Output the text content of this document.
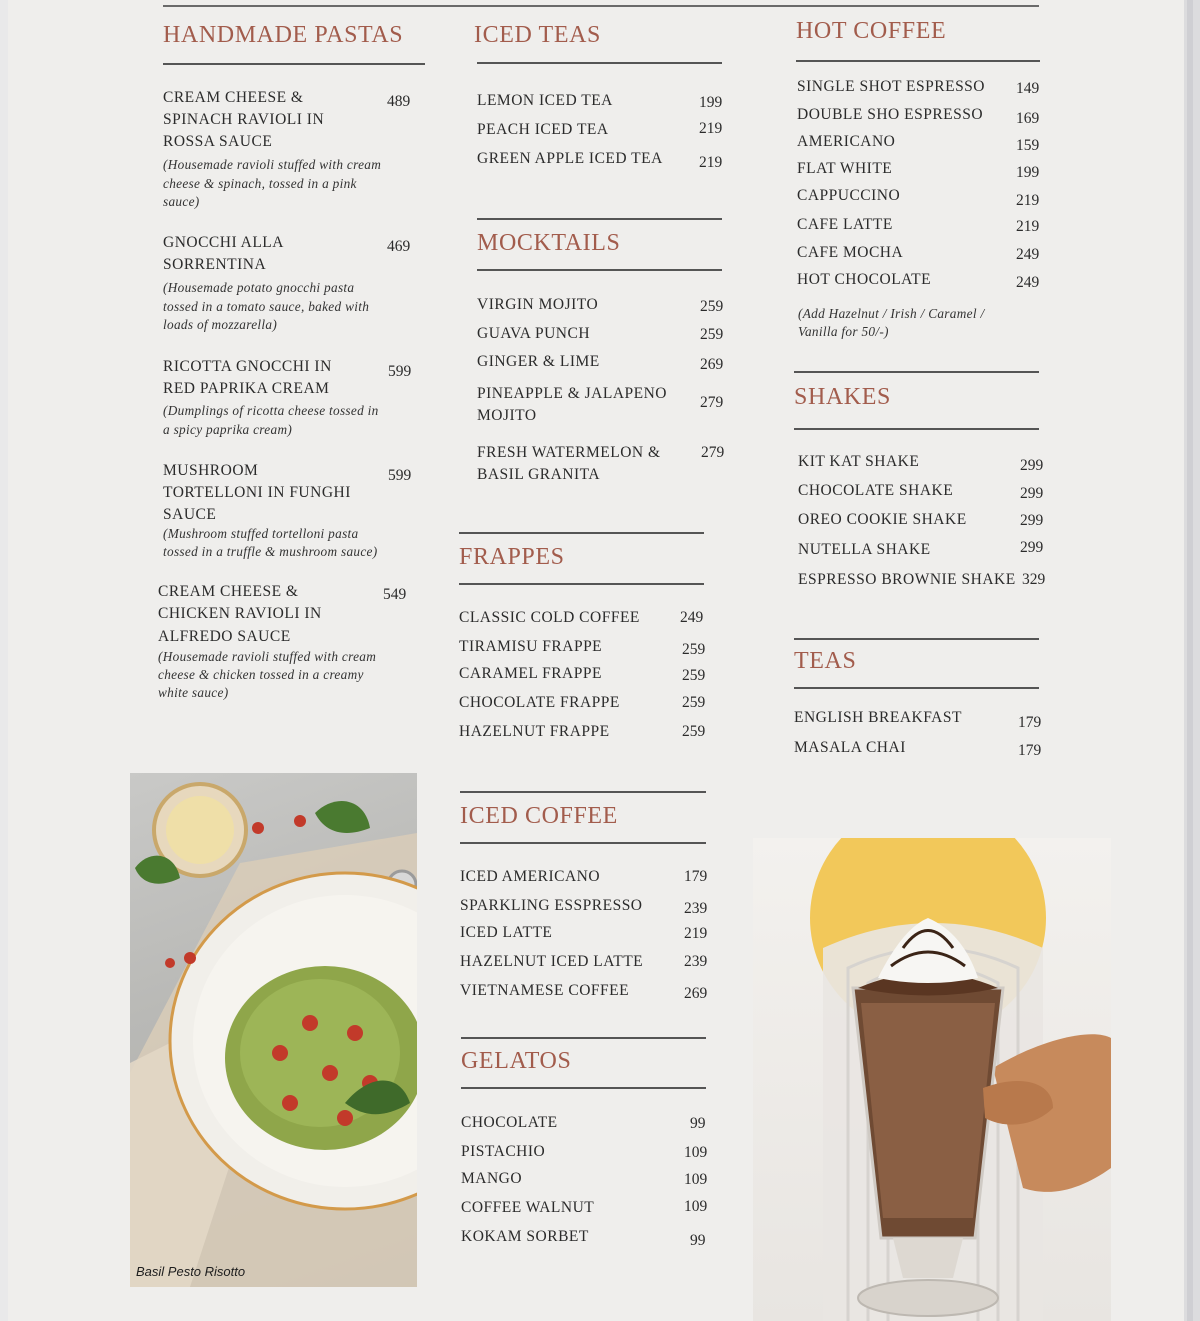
HANDMADE PASTAS
CREAM CHEESE &
SPINACH RAVIOLI IN
ROSSA SAUCE
489
(Housemade ravioli stuffed with cream
cheese & spinach, tossed in a pink
sauce)
GNOCCHI ALLA
SORRENTINA
469
(Housemade potato gnocchi pasta
tossed in a tomato sauce, baked with
loads of mozzarella)
RICOTTA GNOCCHI IN
RED PAPRIKA CREAM
599
(Dumplings of ricotta cheese tossed in
a spicy paprika cream)
MUSHROOM
TORTELLONI IN FUNGHI
SAUCE
599
(Mushroom stuffed tortelloni pasta
tossed in a truffle & mushroom sauce)
CREAM CHEESE &
CHICKEN RAVIOLI IN
ALFREDO SAUCE
549
(Housemade ravioli stuffed with cream
cheese & chicken tossed in a creamy
white sauce)
Basil Pesto Risotto
ICED TEAS
LEMON ICED TEA	199
PEACH ICED TEA	219
GREEN APPLE ICED TEA 219
MOCKTAILS
VIRGIN MOJITO	259
GUAVA PUNCH	259
GINGER & LIME	269
PINEAPPLE & JALAPENO
MOJITO
279
FRESH WATERMELON &
BASIL GRANITA
279
FRAPPES
CLASSIC COLD COFFEE	249
TIRAMISU FRAPPE	259
CARAMEL FRAPPE	259
CHOCOLATE FRAPPE	259
HAZELNUT FRAPPE	259
ICED COFFEE
ICED AMERICANO	179
SPARKLING ESSPRESSO	239
ICED LATTE	219
HAZELNUT ICED LATTE	239
VIETNAMESE COFFEE	269
GELATOS
CHOCOLATE	99
PISTACHIO	109
MANGO	109
COFFEE WALNUT	109
KOKAM SORBET	99
HOT COFFEE
SINGLE SHOT ESPRESSO 149
DOUBLE SHO ESPRESSO 169
AMERICANO	159
FLAT WHITE	199
CAPPUCCINO	219
CAFE LATTE	219
CAFE MOCHA	249
HOT CHOCOLATE	249
(Add Hazelnut / Irish / Caramel /
Vanilla for 50/-)
SHAKES
KIT KAT SHAKE	299
CHOCOLATE SHAKE	299
OREO COOKIE SHAKE	299
NUTELLA SHAKE	299
ESPRESSO BROWNIE SHAKE 329
TEAS
ENGLISH BREAKFAST	179
MASALA CHAI	179
